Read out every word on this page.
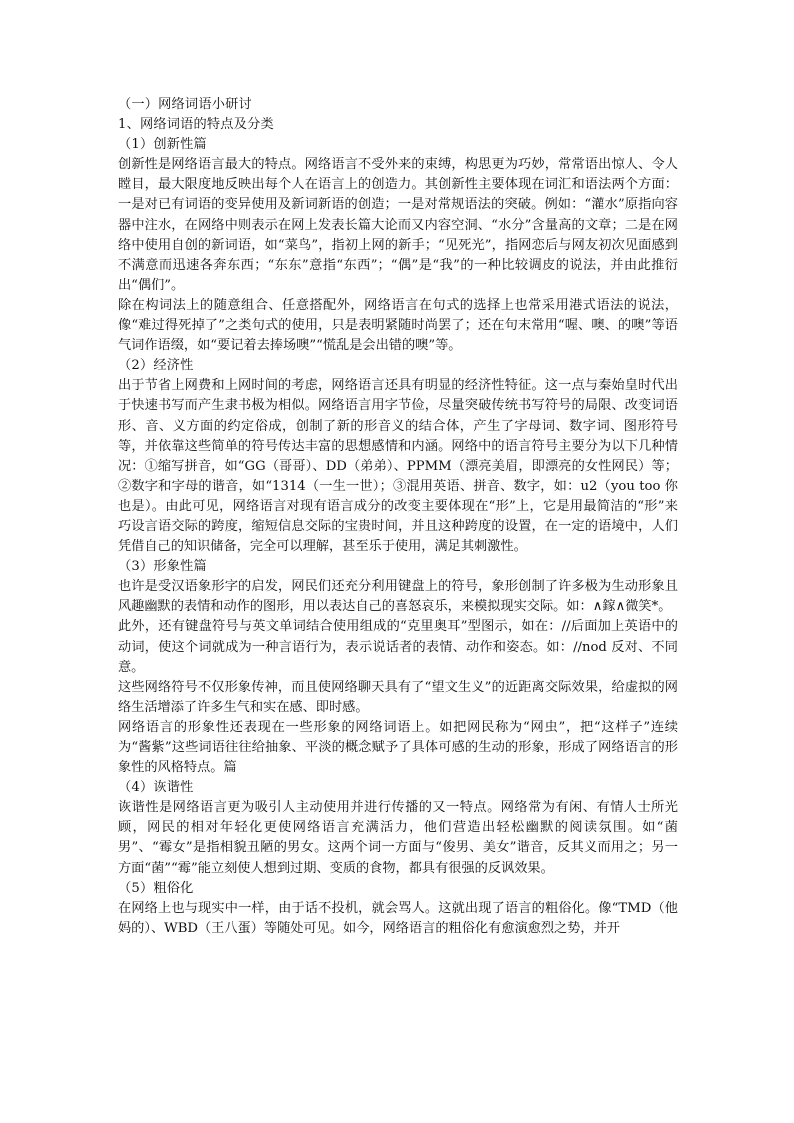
（一）网络词语小研讨

1、网络词语的特点及分类

（1）创新性篇

创新性是网络语言最大的特点。网络语言不受外来的束缚，构思更为巧妙，常常语出惊人、令人瞠目，最大限度地反映出每个人在语言上的创造力。其创新性主要体现在词汇和语法两个方面：一是对已有词语的变异使用及新词新语的创造；一是对常规语法的突破。例如：“灌水”原指向容器中注水，在网络中则表示在网上发表长篇大论而又内容空洞、“水分”含量高的文章；二是在网络中使用自创的新词语，如“菜鸟”，指初上网的新手；“见死光”，指网恋后与网友初次见面感到不满意而迅速各奔东西；“东东”意指“东西”；“偶”是“我”的一种比较调皮的说法，并由此推衍出“偶们”。

除在构词法上的随意组合、任意搭配外，网络语言在句式的选择上也常采用港式语法的说法，像“难过得死掉了”之类句式的使用，只是表明紧随时尚罢了；还在句末常用“喔、噢、的噢”等语气词作语缀，如“要记着去捧场噢”“慌乱是会出错的噢”等。

（2）经济性

出于节省上网费和上网时间的考虑，网络语言还具有明显的经济性特征。这一点与秦始皇时代出于快速书写而产生隶书极为相似。网络语言用字节俭，尽量突破传统书写符号的局限、改变词语形、音、义方面的约定俗成，创制了新的形音义的结合体，产生了字母词、数字词、图形符号等，并依靠这些简单的符号传达丰富的思想感情和内涵。网络中的语言符号主要分为以下几种情况：①缩写拼音，如“GG（哥哥）、DD（弟弟）、PPMM（漂亮美眉，即漂亮的女性网民）等；②数字和字母的谐音，如“1314（一生一世）；③混用英语、拼音、数字，如：u2（you too 你也是）。由此可见，网络语言对现有语言成分的改变主要体现在“形”上，它是用最简洁的“形”来巧设言语交际的跨度，缩短信息交际的宝贵时间，并且这种跨度的设置，在一定的语境中，人们凭借自己的知识储备，完全可以理解，甚至乐于使用，满足其刺激性。

（3）形象性篇

也许是受汉语象形字的启发，网民们还充分利用键盘上的符号，象形创制了许多极为生动形象且风趣幽默的表情和动作的图形，用以表达自己的喜怒哀乐，来模拟现实交际。如：∧鎵∧微笑*。

此外，还有键盘符号与英文单词结合使用组成的“克里奥耳”型图示，如在：//后面加上英语中的动词，使这个词就成为一种言语行为，表示说话者的表情、动作和姿态。如：//nod 反对、不同意。

这些网络符号不仅形象传神，而且使网络聊天具有了“望文生义”的近距离交际效果，给虚拟的网络生活增添了许多生气和实在感、即时感。

网络语言的形象性还表现在一些形象的网络词语上。如把网民称为“网虫”，把“这样子”连续为“酱紫”这些词语往往给抽象、平淡的概念赋予了具体可感的生动的形象，形成了网络语言的形象性的风格特点。篇

（4）诙谐性

诙谐性是网络语言更为吸引人主动使用并进行传播的又一特点。网络常为有闲、有情人士所光顾，网民的相对年轻化更使网络语言充满活力，他们营造出轻松幽默的阅读氛围。如“菌男”、“霉女”是指相貌丑陋的男女。这两个词一方面与“俊男、美女”谐音，反其义而用之；另一方面“菌”“霉”能立刻使人想到过期、变质的食物，都具有很强的反讽效果。

（5）粗俗化

在网络上也与现实中一样，由于话不投机，就会骂人。这就出现了语言的粗俗化。像“TMD（他妈的）、WBD（王八蛋）等随处可见。如今，网络语言的粗俗化有愈演愈烈之势，并开
